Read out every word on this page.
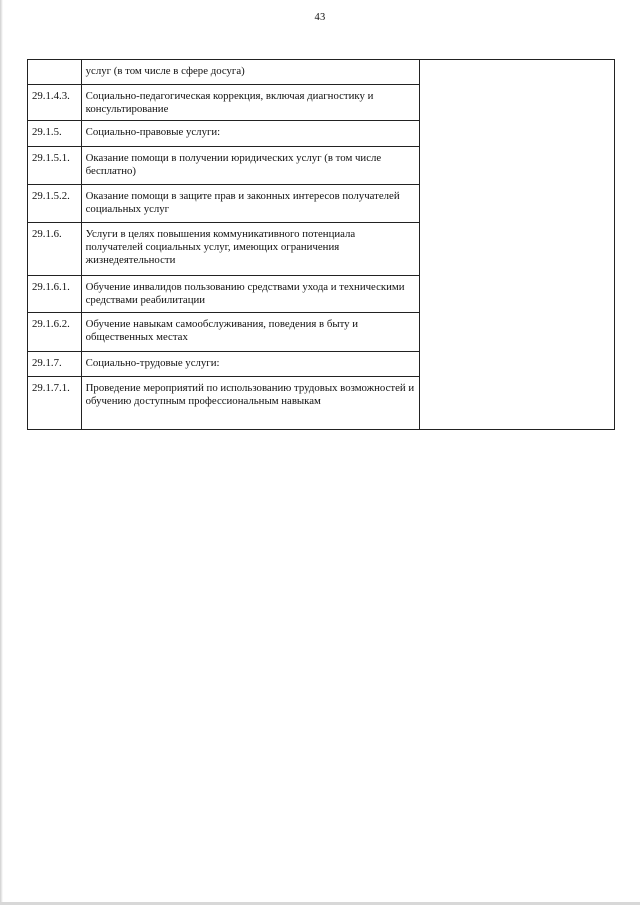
43
	услуг (в том числе в сфере досуга)	
29.1.4.3.	Социально-педагогическая коррекция, включая диагностику и консультирование	
29.1.5.	Социально-правовые услуги:	
29.1.5.1.	Оказание помощи в получении юридических услуг (в том числе бесплатно)	
29.1.5.2.	Оказание помощи в защите прав и законных интересов получателей социальных услуг	
29.1.6.	Услуги в целях повышения коммуникативного потенциала получателей социальных услуг, имеющих ограничения жизнедеятельности	
29.1.6.1.	Обучение инвалидов пользованию средствами ухода и техническими средствами реабилитации	
29.1.6.2.	Обучение навыкам самообслуживания, поведения в быту и общественных местах	
29.1.7.	Социально-трудовые услуги:	
29.1.7.1.	Проведение мероприятий по использованию трудовых возможностей и обучению доступным профессиональным навыкам	
